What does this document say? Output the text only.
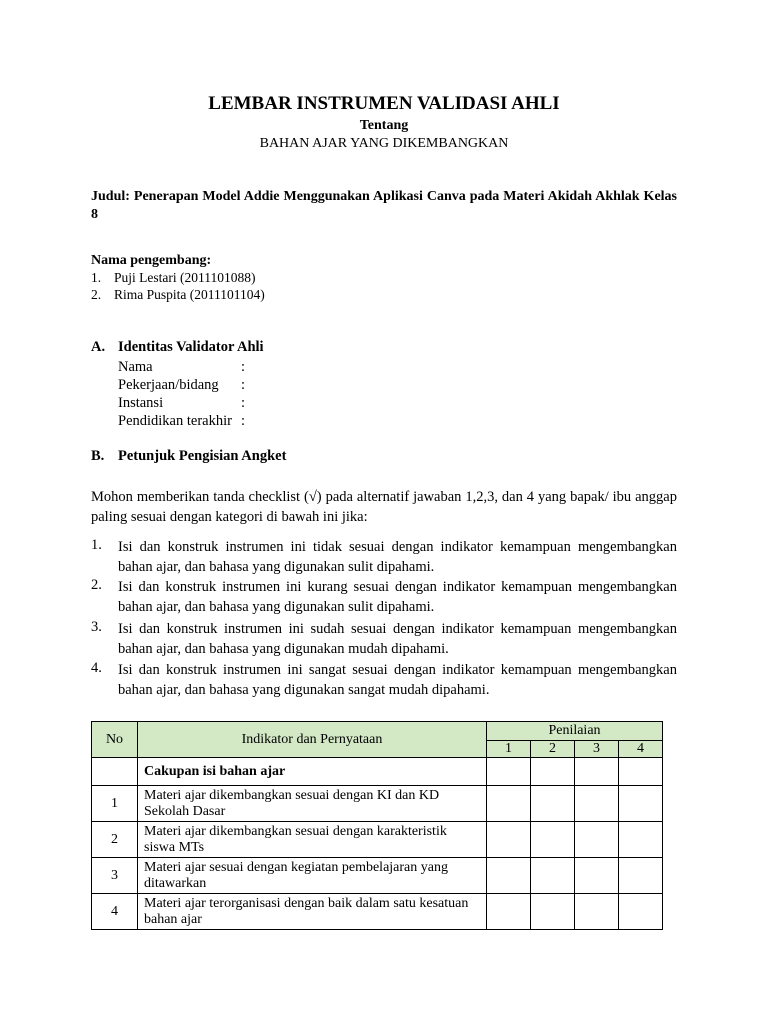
LEMBAR INSTRUMEN VALIDASI AHLI
Tentang
BAHAN AJAR YANG DIKEMBANGKAN
Judul: Penerapan Model Addie Menggunakan Aplikasi Canva pada Materi Akidah Akhlak Kelas 8
Nama pengembang:
1. Puji Lestari (2011101088)
2. Rima Puspita (2011101104)
A. Identitas Validator Ahli
Nama	:
Pekerjaan/bidang :
Instansi	:
Pendidikan terakhir :
B. Petunjuk Pengisian Angket
Mohon memberikan tanda checklist (√) pada alternatif jawaban 1,2,3, dan 4 yang bapak/ ibu anggap paling sesuai dengan kategori di bawah ini jika:
1. Isi dan konstruk instrumen ini tidak sesuai dengan indikator kemampuan mengembangkan bahan ajar, dan bahasa yang digunakan sulit dipahami.
2. Isi dan konstruk instrumen ini kurang sesuai dengan indikator kemampuan mengembangkan bahan ajar, dan bahasa yang digunakan sulit dipahami.
3. Isi dan konstruk instrumen ini sudah sesuai dengan indikator kemampuan mengembangkan bahan ajar, dan bahasa yang digunakan mudah dipahami.
4. Isi dan konstruk instrumen ini sangat sesuai dengan indikator kemampuan mengembangkan bahan ajar, dan bahasa yang digunakan sangat mudah dipahami.
No	Indikator dan Pernyataan	Penilaian			
		1	2	3	4
	Cakupan isi bahan ajar				
1	Materi ajar dikembangkan sesuai dengan KI dan KD Sekolah Dasar				
2	Materi ajar dikembangkan sesuai dengan karakteristik siswa MTs				
3	Materi ajar sesuai dengan kegiatan pembelajaran yang ditawarkan				
4	Materi ajar terorganisasi dengan baik dalam satu kesatuan bahan ajar				
